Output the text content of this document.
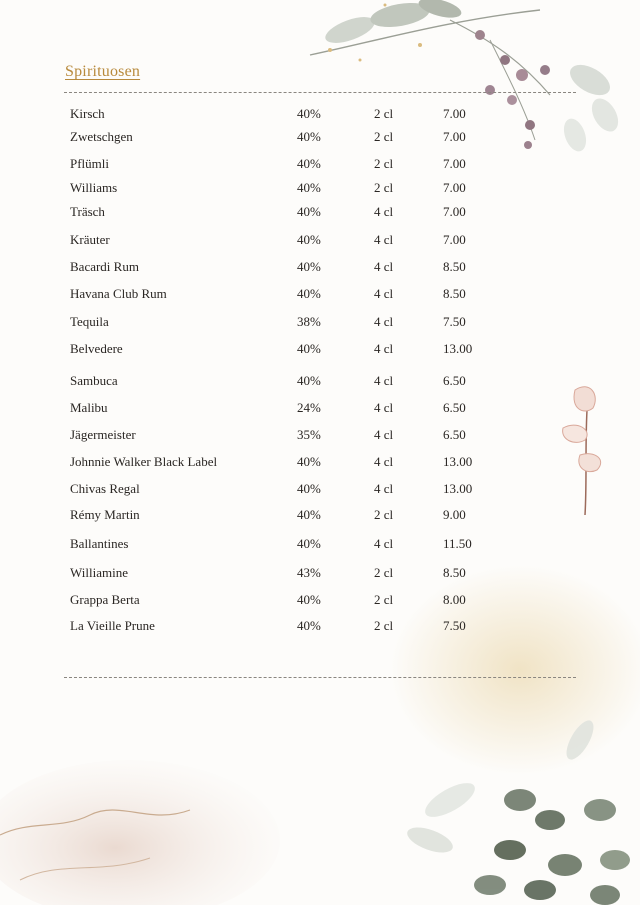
Spirituosen
Kirsch	40%	2 cl	7.00
Zwetschgen	40%	2 cl	7.00
Pflümli	40%	2 cl	7.00
Williams	40%	2 cl	7.00
Träsch	40%	4 cl	7.00
Kräuter	40%	4 cl	7.00
Bacardi Rum	40%	4 cl	8.50
Havana Club Rum	40%	4 cl	8.50
Tequila	38%	4 cl	7.50
Belvedere	40%	4 cl	13.00
Sambuca	40%	4 cl	6.50
Malibu	24%	4 cl	6.50
Jägermeister	35%	4 cl	6.50
Johnnie Walker Black Label	40%	4 cl	13.00
Chivas Regal	40%	4 cl	13.00
Rémy Martin	40%	2 cl	9.00
Ballantines	40%	4 cl	11.50
Williamine	43%	2 cl	8.50
Grappa Berta	40%	2 cl	8.00
La Vieille Prune	40%	2 cl	7.50
